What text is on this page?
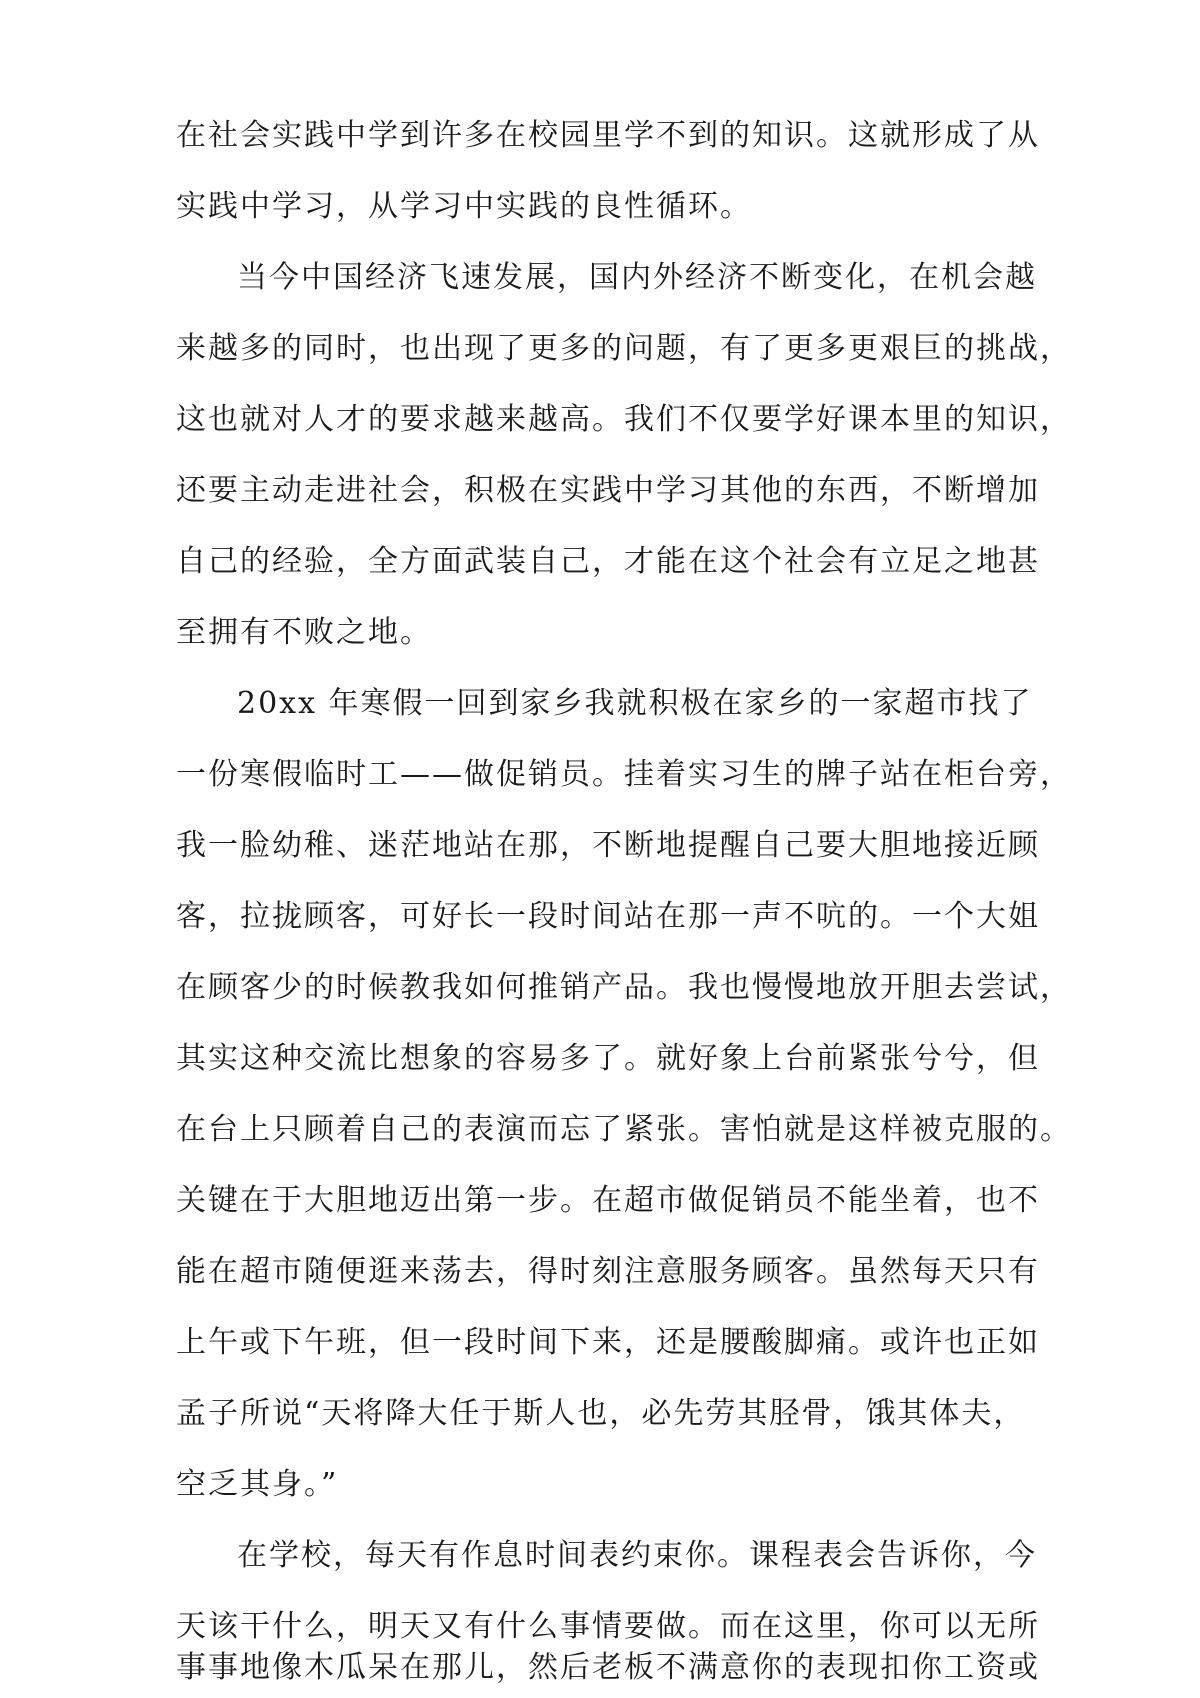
在社会实践中学到许多在校园里学不到的知识。这就形成了从
实践中学习，从学习中实践的良性循环。
当今中国经济飞速发展，国内外经济不断变化，在机会越
来越多的同时，也出现了更多的问题，有了更多更艰巨的挑战，
这也就对人才的要求越来越高。我们不仅要学好课本里的知识，
还要主动走进社会，积极在实践中学习其他的东西，不断增加
自己的经验，全方面武装自己，才能在这个社会有立足之地甚
至拥有不败之地。
20xx 年寒假一回到家乡我就积极在家乡的一家超市找了
一份寒假临时工——做促销员。挂着实习生的牌子站在柜台旁，
我一脸幼稚、迷茫地站在那，不断地提醒自己要大胆地接近顾
客，拉拢顾客，可好长一段时间站在那一声不吭的。一个大姐
在顾客少的时候教我如何推销产品。我也慢慢地放开胆去尝试，
其实这种交流比想象的容易多了。就好象上台前紧张兮兮，但
在台上只顾着自己的表演而忘了紧张。害怕就是这样被克服的。
关键在于大胆地迈出第一步。在超市做促销员不能坐着，也不
能在超市随便逛来荡去，得时刻注意服务顾客。虽然每天只有
上午或下午班，但一段时间下来，还是腰酸脚痛。或许也正如
孟子所说“天将降大任于斯人也，必先劳其胫骨，饿其体夫，
空乏其身。”
在学校，每天有作息时间表约束你。课程表会告诉你，今
天该干什么，明天又有什么事情要做。而在这里，你可以无所
事事地像木瓜呆在那儿，然后老板不满意你的表现扣你工资或
